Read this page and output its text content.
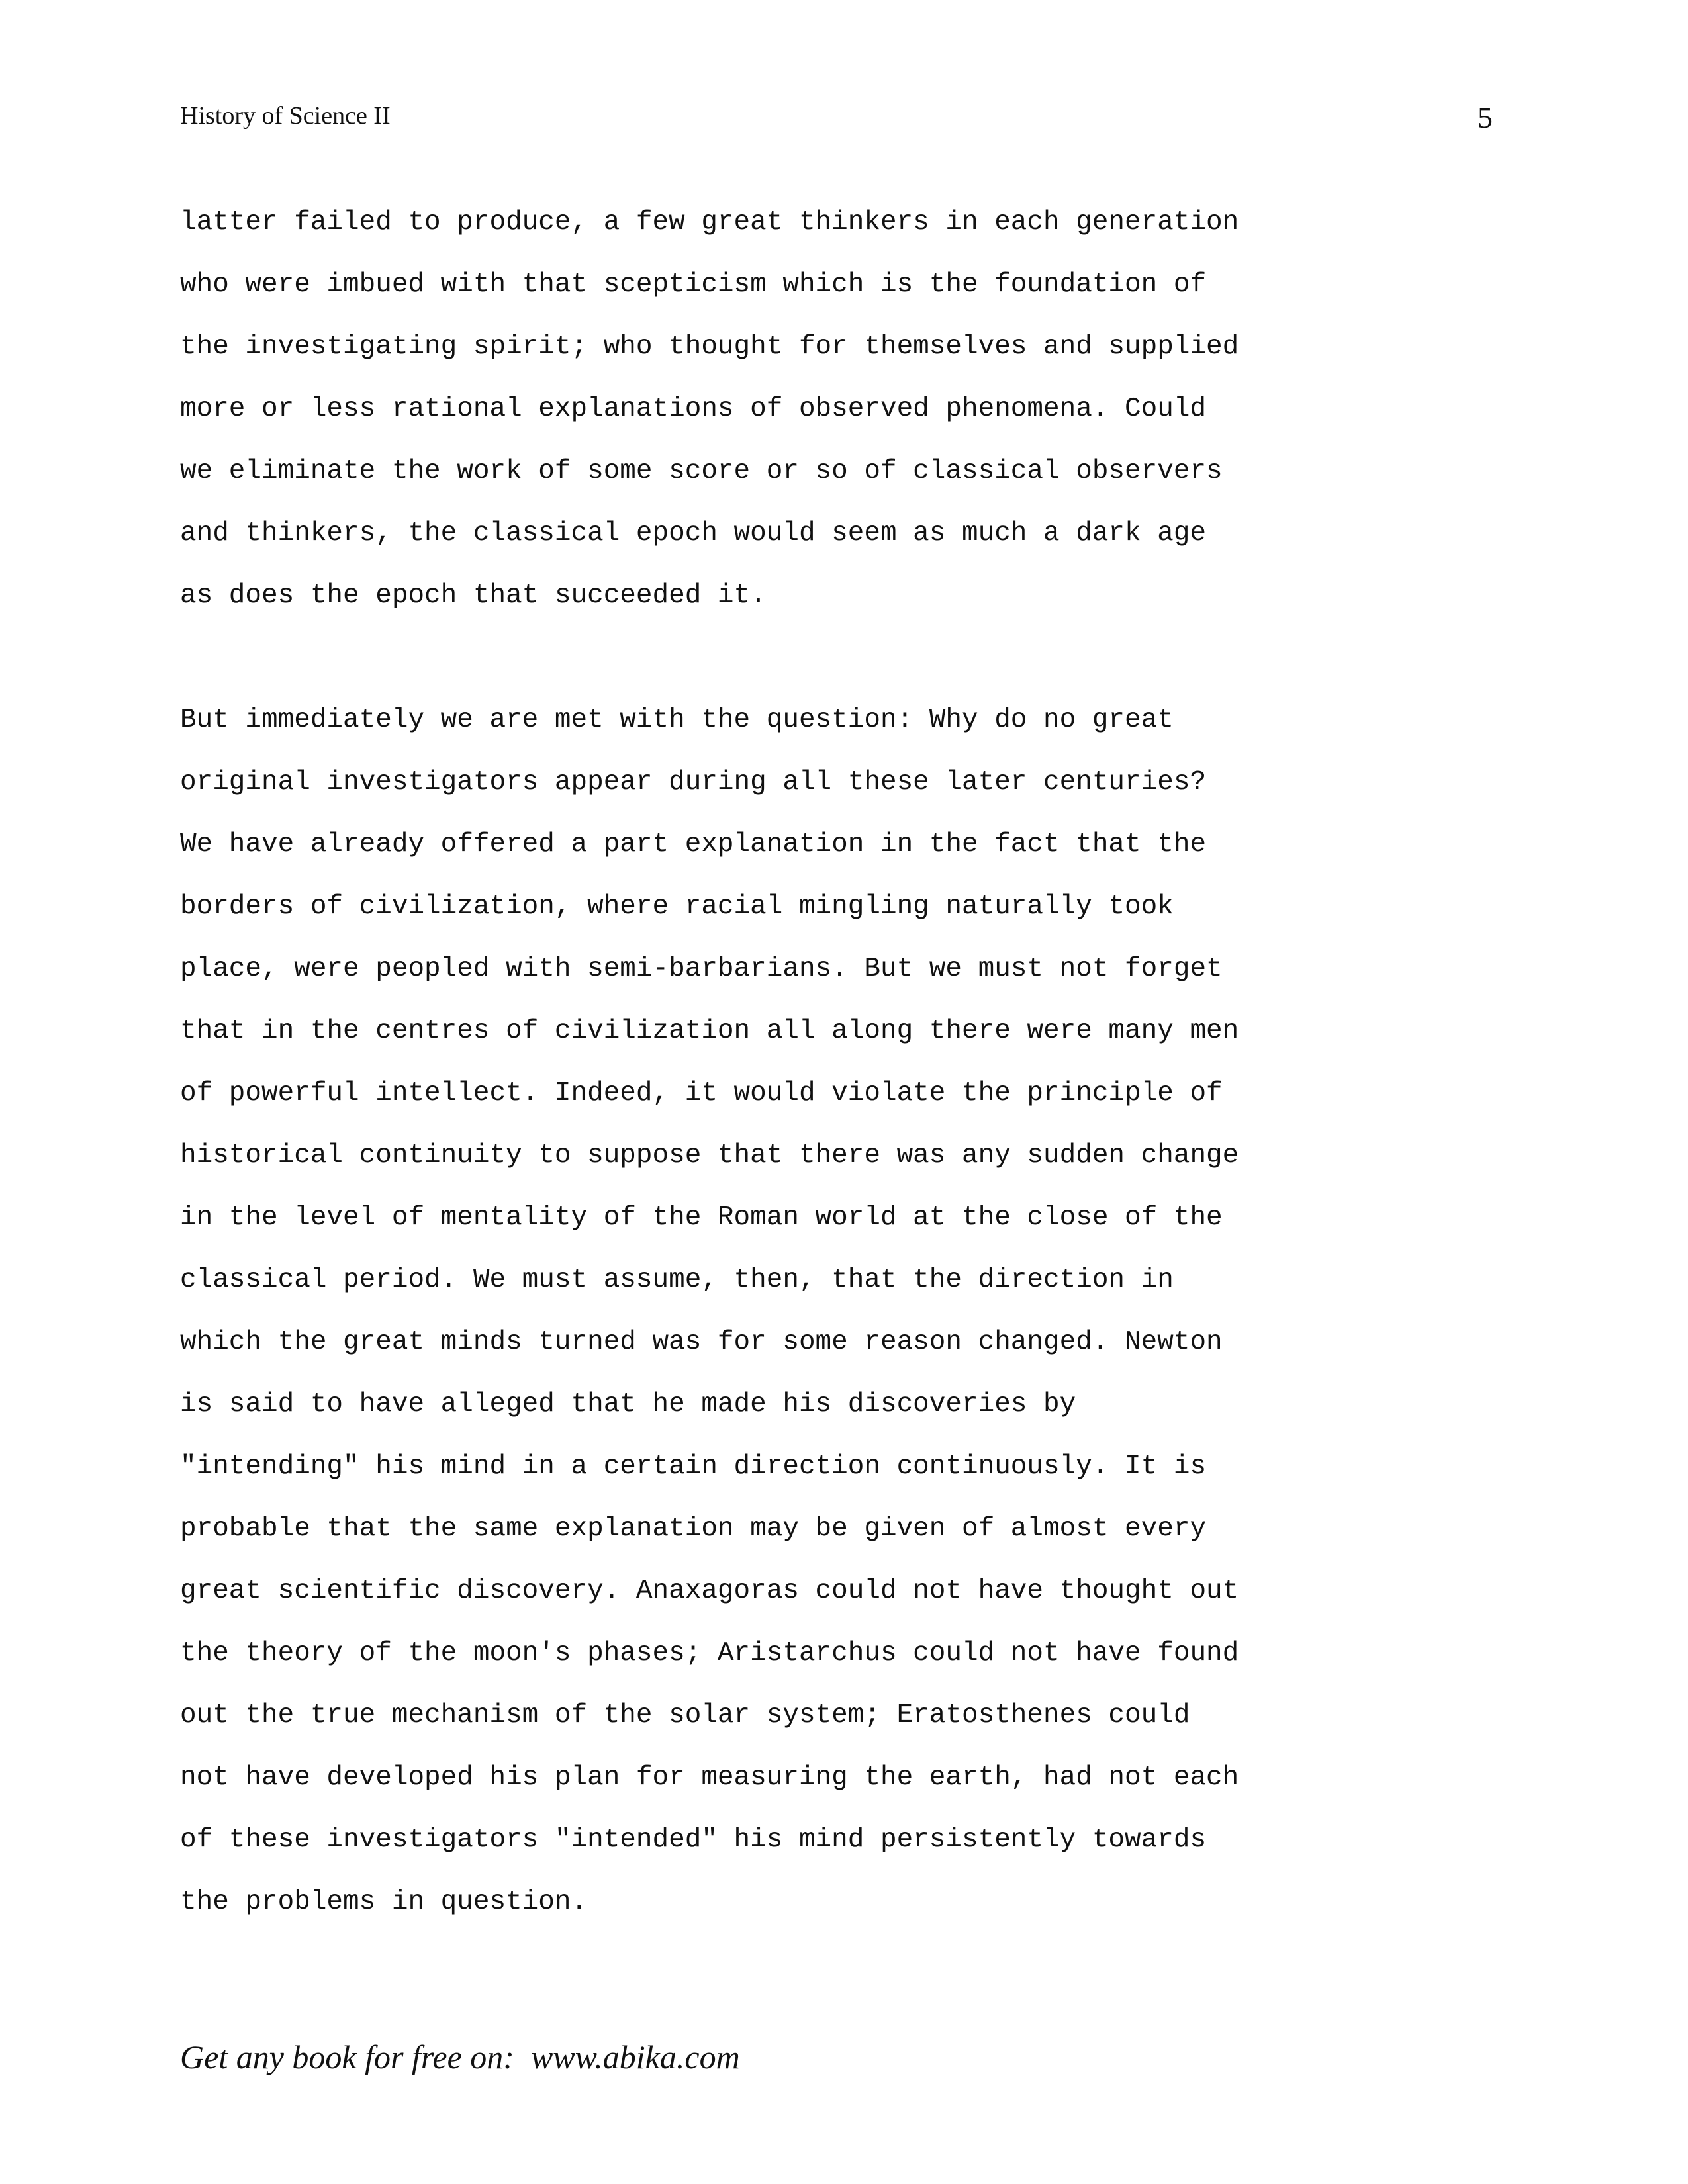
History of Science II	5
latter failed to produce, a few great thinkers in each generation
who were imbued with that scepticism which is the foundation of
the investigating spirit; who thought for themselves and supplied
more or less rational explanations of observed phenomena. Could
we eliminate the work of some score or so of classical observers
and thinkers, the classical epoch would seem as much a dark age
as does the epoch that succeeded it.
But immediately we are met with the question: Why do no great
original investigators appear during all these later centuries?
We have already offered a part explanation in the fact that the
borders of civilization, where racial mingling naturally took
place, were peopled with semi-barbarians. But we must not forget
that in the centres of civilization all along there were many men
of powerful intellect. Indeed, it would violate the principle of
historical continuity to suppose that there was any sudden change
in the level of mentality of the Roman world at the close of the
classical period. We must assume, then, that the direction in
which the great minds turned was for some reason changed. Newton
is said to have alleged that he made his discoveries by
"intending" his mind in a certain direction continuously. It is
probable that the same explanation may be given of almost every
great scientific discovery. Anaxagoras could not have thought out
the theory of the moon's phases; Aristarchus could not have found
out the true mechanism of the solar system; Eratosthenes could
not have developed his plan for measuring the earth, had not each
of these investigators "intended" his mind persistently towards
the problems in question.
Get any book for free on:  www.abika.com
